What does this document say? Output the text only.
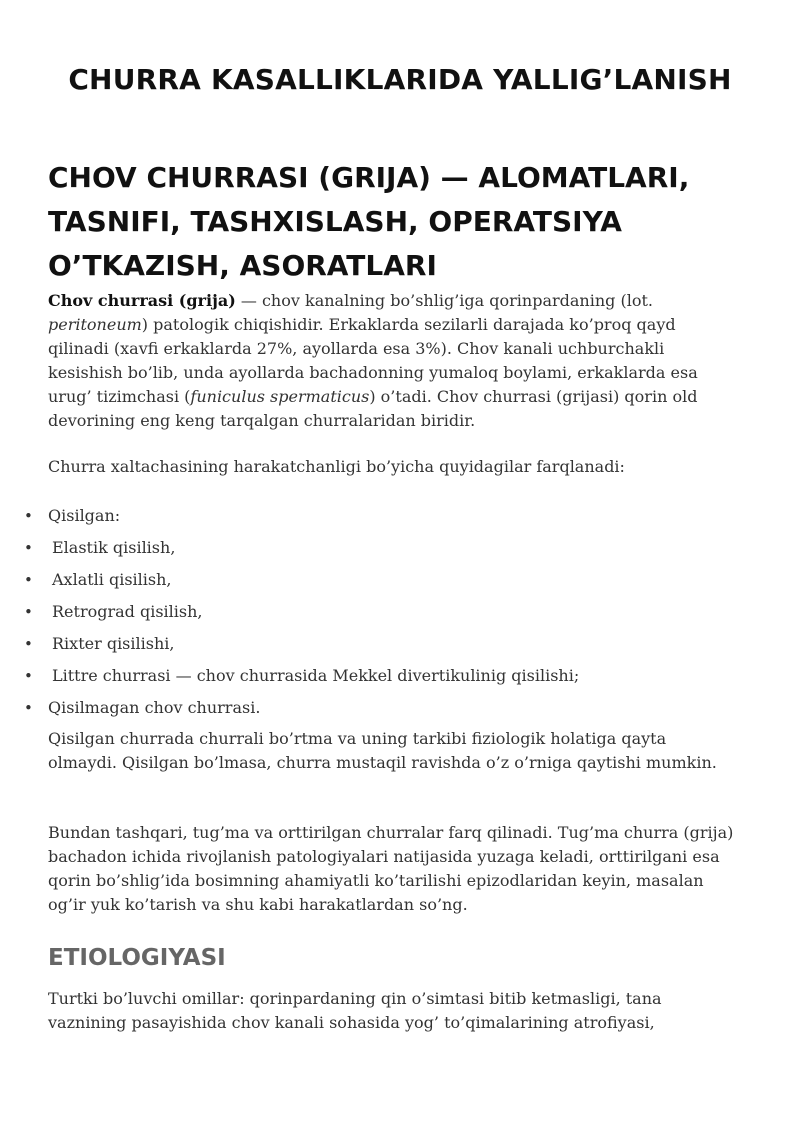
CHURRA KASALLIKLARIDA YALLIG’LANISH
CHOV CHURRASI (GRIJA) — ALOMATLARI, TASNIFI, TASHXISLASH, OPERATSIYA O’TKAZISH, ASORATLARI

Chov churrasi (grija) — chov kanalning bo’shlig’iga qorinpardaning (lot. peritoneum) patologik chiqishidir. Erkaklarda sezilarli darajada ko’proq qayd qilinadi (xavfi erkaklarda 27%, ayollarda esa 3%). Chov kanali uchburchakli kesishish bo’lib, unda ayollarda bachadonning yumaloq boylami, erkaklarda esa urug’ tizimchasi (funiculus spermaticus) o’tadi. Chov churrasi (grijasi) qorin old devorining eng keng tarqalgan churralaridan biridir.

Churra xaltachasining harakatchanligi bo’yicha quyidagilar farqlanadi:

• Qisilgan:
• Elastik qisilish,
• Axlatli qisilish,
• Retrograd qisilish,
• Rixter qisilishi,
• Littre churrasi — chov churrasida Mekkel divertikulinig qisilishi;
• Qisilmagan chov churrasi.

Qisilgan churrada churrali bo’rtma va uning tarkibi fiziologik holatiga qayta olmaydi. Qisilgan bo’lmasa, churra mustaqil ravishda o’z o’rniga qaytishi mumkin.

Bundan tashqari, tug’ma va orttirilgan churralar farq qilinadi. Tug’ma churra (grija) bachadon ichida rivojlanish patologiyalari natijasida yuzaga keladi, orttirilgani esa qorin bo’shlig’ida bosimning ahamiyatli ko’tarilishi epizodlaridan keyin, masalan og’ir yuk ko’tarish va shu kabi harakatlardan so’ng.

ETIOLOGIYASI

Turtki bo’luvchi omillar: qorinpardaning qin o’simtasi bitib ketmasligi, tana vaznining pasayishida chov kanali sohasida yog’ to’qimalarining atrofiyasi,
